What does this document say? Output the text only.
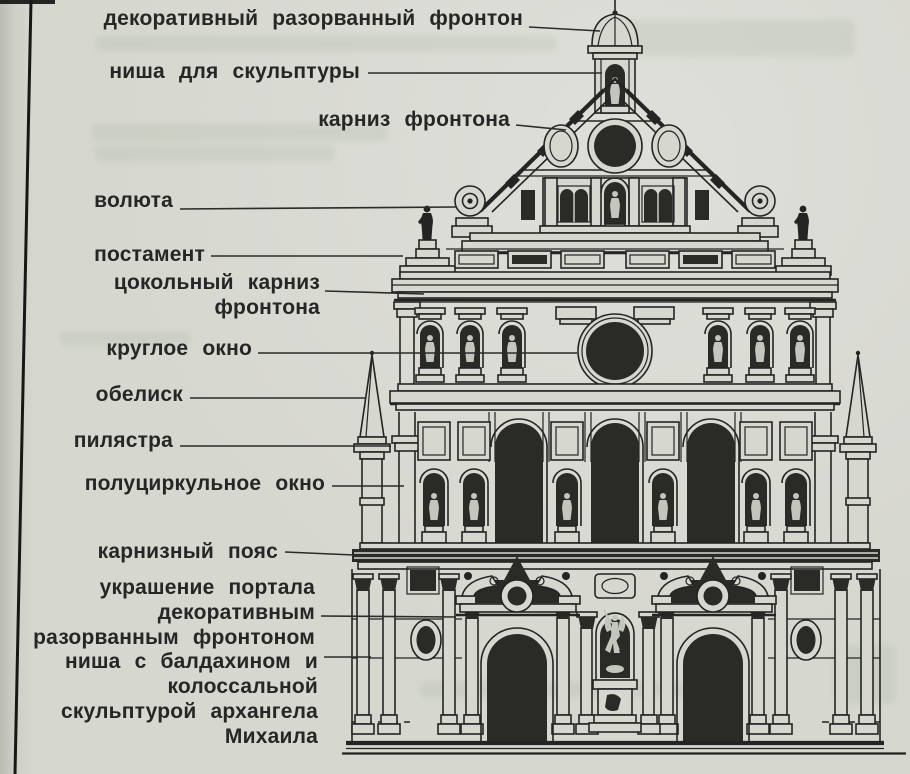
декоративный разорванный фронтон
ниша для скульптуры
карниз фронтона
волюта
постамент
цокольный карниз
фронтона
круглое окно
обелиск
пилястра
полуциркульное окно
карнизный пояс
украшение портала
декоративным
разорванным фронтоном
ниша с балдахином и
колоссальной
скульптурой архангела
Михаила
